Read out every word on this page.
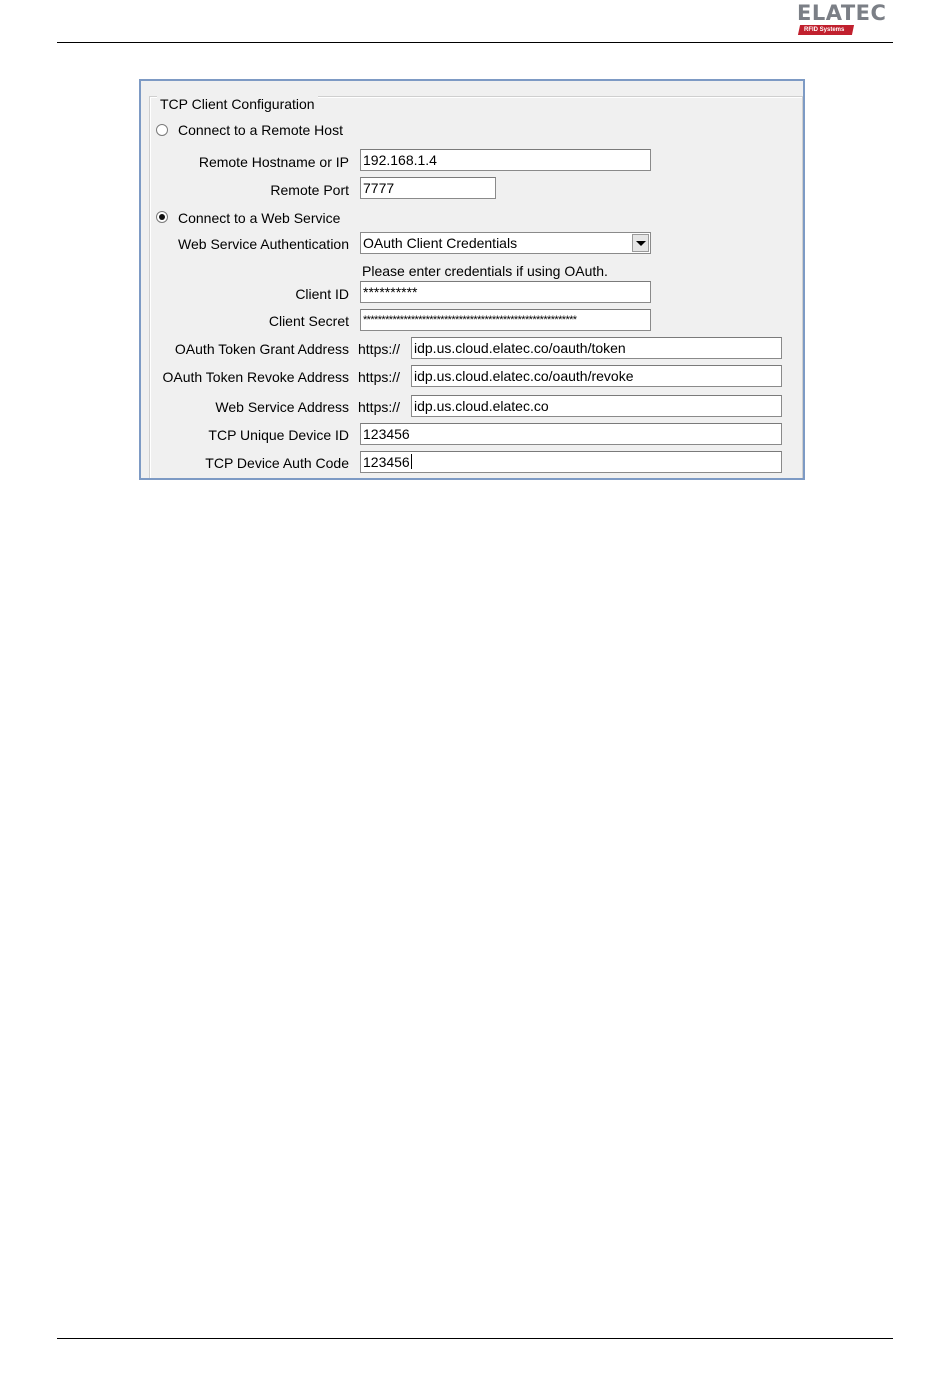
ELATEC
RFID Systems
TCP Client Configuration
Connect to a Remote Host
Remote Hostname or IP 192.168.1.4
Remote Port 7777
Connect to a Web Service
Web Service Authentication OAuth Client Credentials
Please enter credentials if using OAuth.
Client ID **********
Client Secret **********************************************************
OAuth Token Grant Address https:// idp.us.cloud.elatec.co/oauth/token
OAuth Token Revoke Address https:// idp.us.cloud.elatec.co/oauth/revoke
Web Service Address https:// idp.us.cloud.elatec.co
TCP Unique Device ID 123456
TCP Device Auth Code 123456
